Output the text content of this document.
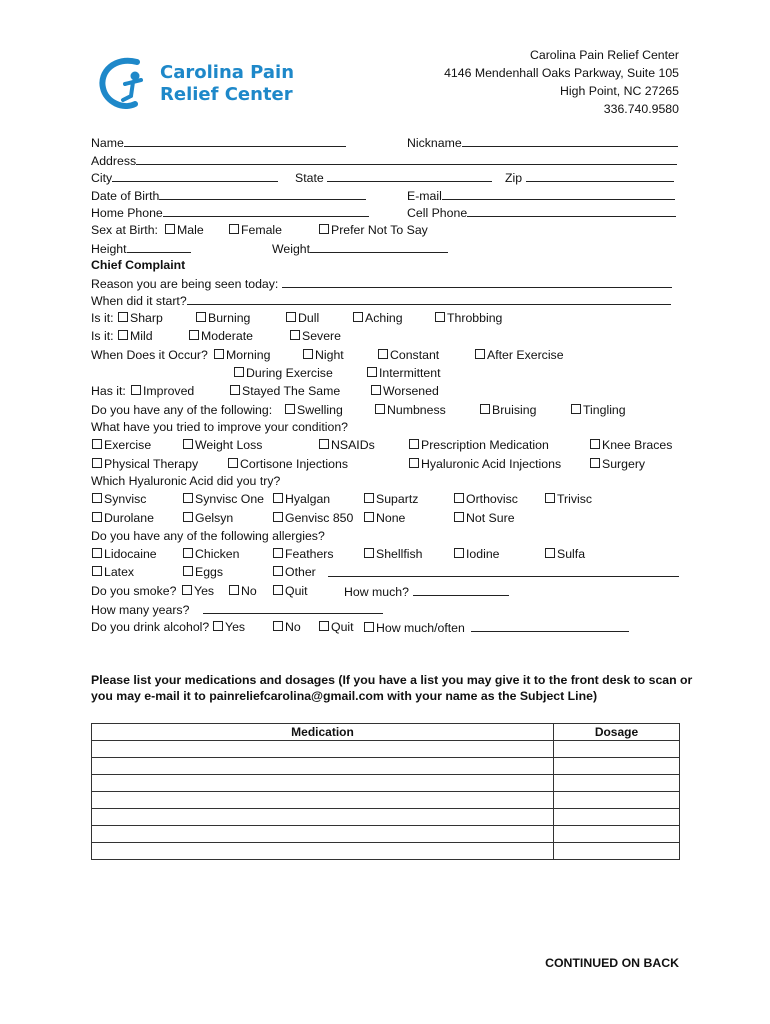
Carolina Pain
Relief Center
Carolina Pain Relief Center
4146 Mendenhall Oaks Parkway, Suite 105
High Point, NC 27265
336.740.9580
Name	Nickname
Address
City	State	Zip
Date of Birth	E-mail
Home Phone	Cell Phone
Sex at Birth:	Male	Female	Prefer Not To Say
Height	Weight
Chief Complaint
Reason you are being seen today:
When did it start?
Is it:	Sharp	Burning	Dull	Aching	Throbbing
Is it:	Mild	Moderate	Severe
When Does it Occur?	Morning	Night	Constant	After Exercise
During Exercise	Intermittent
Has it:	Improved	Stayed The Same	Worsened
Do you have any of the following:	Swelling	Numbness	Bruising	Tingling
What have you tried to improve your condition?
Exercise	Weight Loss	NSAIDs	Prescription Medication	Knee Braces
Physical Therapy	Cortisone Injections	Hyaluronic Acid Injections	Surgery
Which Hyaluronic Acid did you try?
Synvisc	Synvisc One	Hyalgan	Supartz	Orthovisc	Trivisc
Durolane	Gelsyn	Genvisc 850	None	Not Sure
Do you have any of the following allergies?
Lidocaine	Chicken	Feathers	Shellfish	Iodine	Sulfa
Latex	Eggs	Other
Do you smoke?	Yes	No	Quit	How much?
How many years?
Do you drink alcohol?	Yes	No	Quit	How much/often
Please list your medications and dosages (If you have a list you may give it to the front desk to scan or
you may e-mail it to painreliefcarolina@gmail.com with your name as the Subject Line)
Medication	Dosage

CONTINUED ON BACK
